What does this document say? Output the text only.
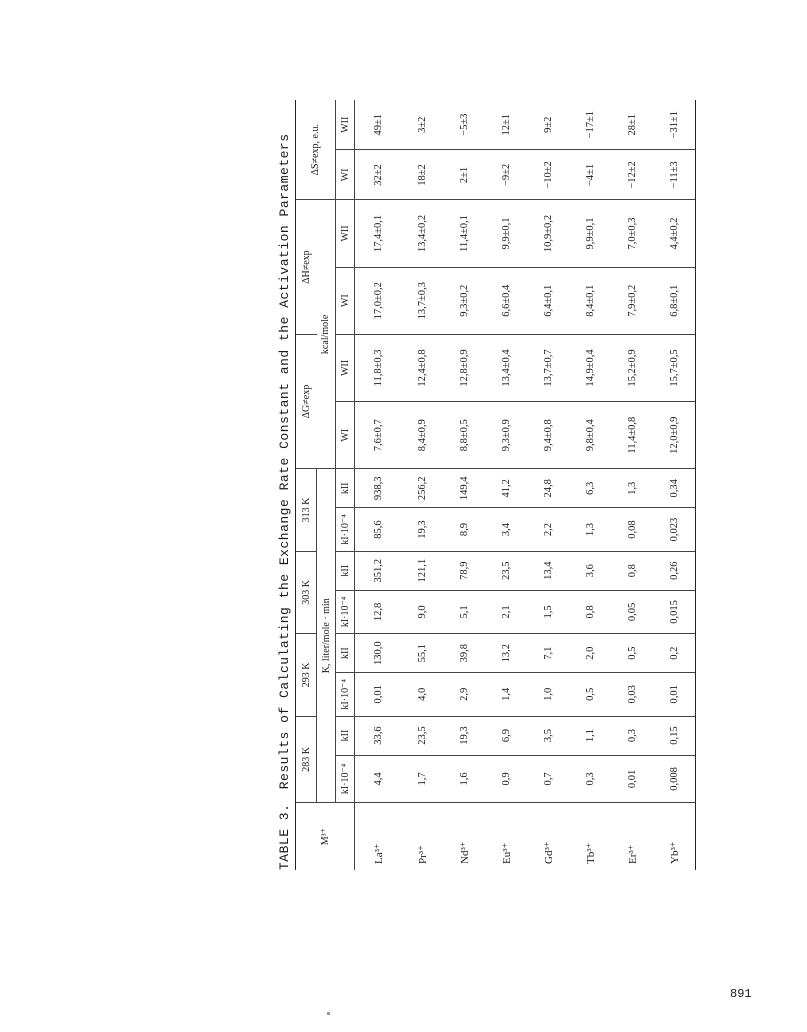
TABLE 3. Results of Calculating the Exchange Rate Constant and the Activation Parameters
M³⁺	283 K		293 K		303 K		313 K		ΔG≠exp		ΔH≠exp		ΔS≠exp, e.u.	
	K, liter/mole · min								kcal/mole					
	kI·10⁻⁴	kII	kI·10⁻⁴	kII	kI·10⁻⁴	kII	kI·10⁻⁴	kII	WI	WII	WI	WII	WI	WII
La³⁺	4,4	33,6	0,01	130,0	12,8	351,2	85,6	938,3	7,6±0,7	11,8±0,3	17,0±0,2	17,4±0,1	32±2	49±1
Pr³⁺	1,7	23,5	4,0	55,1	9,0	121,1	19,3	256,2	8,4±0,9	12,4±0,8	13,7±0,3	13,4±0,2	18±2	3±2
Nd³⁺	1,6	19,3	2,9	39,8	5,1	78,9	8,9	149,4	8,8±0,5	12,8±0,9	9,3±0,2	11,4±0,1	2±1	−5±3
Eu³⁺	0,9	6,9	1,4	13,2	2,1	23,5	3,4	41,2	9,3±0,9	13,4±0,4	6,6±0,4	9,9±0,1	−9±2	12±1
Gd³⁺	0,7	3,5	1,0	7,1	1,5	13,4	2,2	24,8	9,4±0,8	13,7±0,7	6,4±0,1	10,9±0,2	−10±2	9±2
Tb³⁺	0,3	1,1	0,5	2,0	0,8	3,6	1,3	6,3	9,8±0,4	14,9±0,4	8,4±0,1	9,9±0,1	−4±1	−17±1
Er³⁺	0,01	0,3	0,03	0,5	0,05	0,8	0,08	1,3	11,4±0,8	15,2±0,9	7,9±0,2	7,0±0,3	−12±2	28±1
Yb³⁺	0,008	0,15	0,01	0,2	0,015	0,26	0,023	0,34	12,0±0,9	15,7±0,5	6,8±0,1	4,4±0,2	−11±3	−31±1
891
